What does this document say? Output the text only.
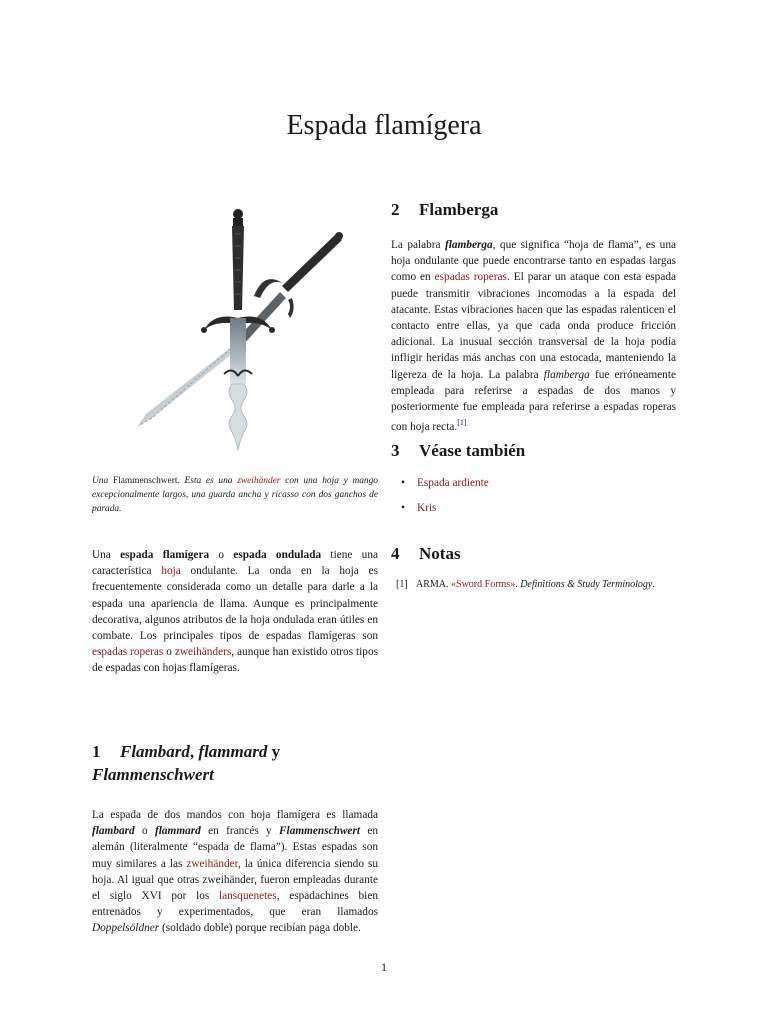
Espada flamígera
Una Flammenschwert. Esta es una zweihänder con una hoja y mango excepcionalmente largos, una guarda ancha y ricasso con dos ganchos de parada.
Una espada flamígera o espada ondulada tiene una característica hoja ondulante. La onda en la hoja es frecuentemente considerada como un detalle para darle a la espada una apariencia de llama. Aunque es principalmente decorativa, algunos atributos de la hoja ondulada eran útiles en combate. Los principales tipos de espadas flamígeras son espadas roperas o zweihänders, aunque han existido otros tipos de espadas con hojas flamígeras.
1 Flambard, flammard y Flammenschwert
La espada de dos mandos con hoja flamígera es llamada flambard o flammard en francés y Flammenschwert en alemán (literalmente “espada de flama”). Estas espadas son muy similares a las zweihänder, la única diferencia siendo su hoja. Al igual que otras zweihänder, fueron empleadas durante el siglo XVI por los lansquenetes, espadachines bien entrenados y experimentados, que eran llamados Doppelsöldner (soldado doble) porque recibían paga doble.
2 Flamberga
La palabra flamberga, que significa “hoja de flama”, es una hoja ondulante que puede encontrarse tanto en espadas largas como en espadas roperas. El parar un ataque con esta espada puede transmitir vibraciones incomodas a la espada del atacante. Estas vibraciones hacen que las espadas ralenticen el contacto entre ellas, ya que cada onda produce fricción adicional. La inusual sección transversal de la hoja podía infligir heridas más anchas con una estocada, manteniendo la ligereza de la hoja. La palabra flamberga fue erróneamente empleada para referirse a espadas de dos manos y posteriormente fue empleada para referirse a espadas roperas con hoja recta.[1]
3 Véase también
• Espada ardiente
• Kris
4 Notas
[1] ARMA. «Sword Forms». Definitions & Study Terminology.
1
